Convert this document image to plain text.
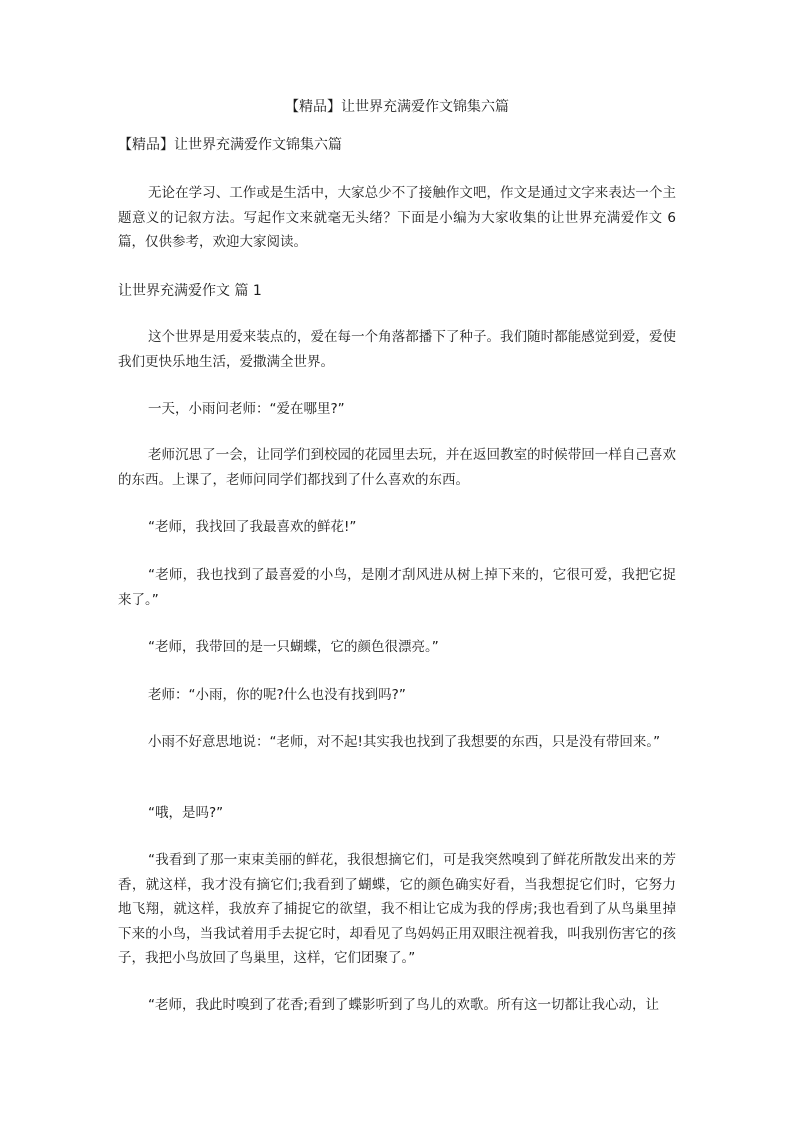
【精品】让世界充满爱作文锦集六篇
【精品】让世界充满爱作文锦集六篇

无论在学习、工作或是生活中，大家总少不了接触作文吧，作文是通过文字来表达一个主题意义的记叙方法。写起作文来就毫无头绪？下面是小编为大家收集的让世界充满爱作文 6 篇，仅供参考，欢迎大家阅读。

让世界充满爱作文 篇 1

这个世界是用爱来装点的，爱在每一个角落都播下了种子。我们随时都能感觉到爱，爱使我们更快乐地生活，爱撒满全世界。

一天，小雨问老师：“爱在哪里?”

老师沉思了一会，让同学们到校园的花园里去玩，并在返回教室的时候带回一样自己喜欢的东西。上课了，老师问同学们都找到了什么喜欢的东西。

“老师，我找回了我最喜欢的鲜花!”

“老师，我也找到了最喜爱的小鸟，是刚才刮风进从树上掉下来的，它很可爱，我把它捉来了。”

“老师，我带回的是一只蝴蝶，它的颜色很漂亮。”

老师：“小雨，你的呢?什么也没有找到吗?”

小雨不好意思地说：“老师，对不起!其实我也找到了我想要的东西，只是没有带回来。”

“哦，是吗?”

“我看到了那一束束美丽的鲜花，我很想摘它们，可是我突然嗅到了鲜花所散发出来的芳香，就这样，我才没有摘它们;我看到了蝴蝶，它的颜色确实好看，当我想捉它们时，它努力地飞翔，就这样，我放弃了捕捉它的欲望，我不相让它成为我的俘虏;我也看到了从鸟巢里掉下来的小鸟，当我试着用手去捉它时，却看见了鸟妈妈正用双眼注视着我，叫我别伤害它的孩子，我把小鸟放回了鸟巢里，这样，它们团聚了。”

“老师，我此时嗅到了花香;看到了蝶影听到了鸟儿的欢歌。所有这一切都让我心动，让
